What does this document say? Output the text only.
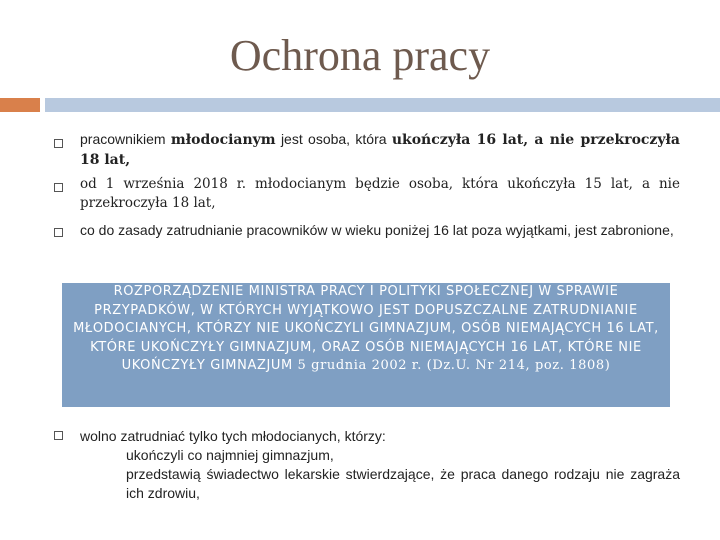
Ochrona pracy
pracownikiem młodocianym jest osoba, która ukończyła 16 lat, a nie przekroczyła 18 lat,
od 1 września 2018 r. młodocianym będzie osoba, która ukończyła 15 lat, a nie przekroczyła 18 lat,
co do zasady zatrudnianie pracowników w wieku poniżej 16 lat poza wyjątkami, jest zabronione,
ROZPORZĄDZENIE MINISTRA PRACY I POLITYKI SPOŁECZNEJ W SPRAWIE PRZYPADKÓW, W KTÓRYCH WYJĄTKOWO JEST DOPUSZCZALNE ZATRUDNIANIE MŁODOCIANYCH, KTÓRZY NIE UKOŃCZYLI GIMNAZJUM, OSÓB NIEMAJĄCYCH 16 LAT, KTÓRE UKOŃCZYŁY GIMNAZJUM, ORAZ OSÓB NIEMAJĄCYCH 16 LAT, KTÓRE NIE UKOŃCZYŁY GIMNAZJUM 5 grudnia 2002 r. (Dz.U. Nr 214, poz. 1808)
wolno zatrudniać tylko tych młodocianych, którzy:
ukończyli co najmniej gimnazjum,
przedstawią świadectwo lekarskie stwierdzające, że praca danego rodzaju nie zagraża ich zdrowiu,
